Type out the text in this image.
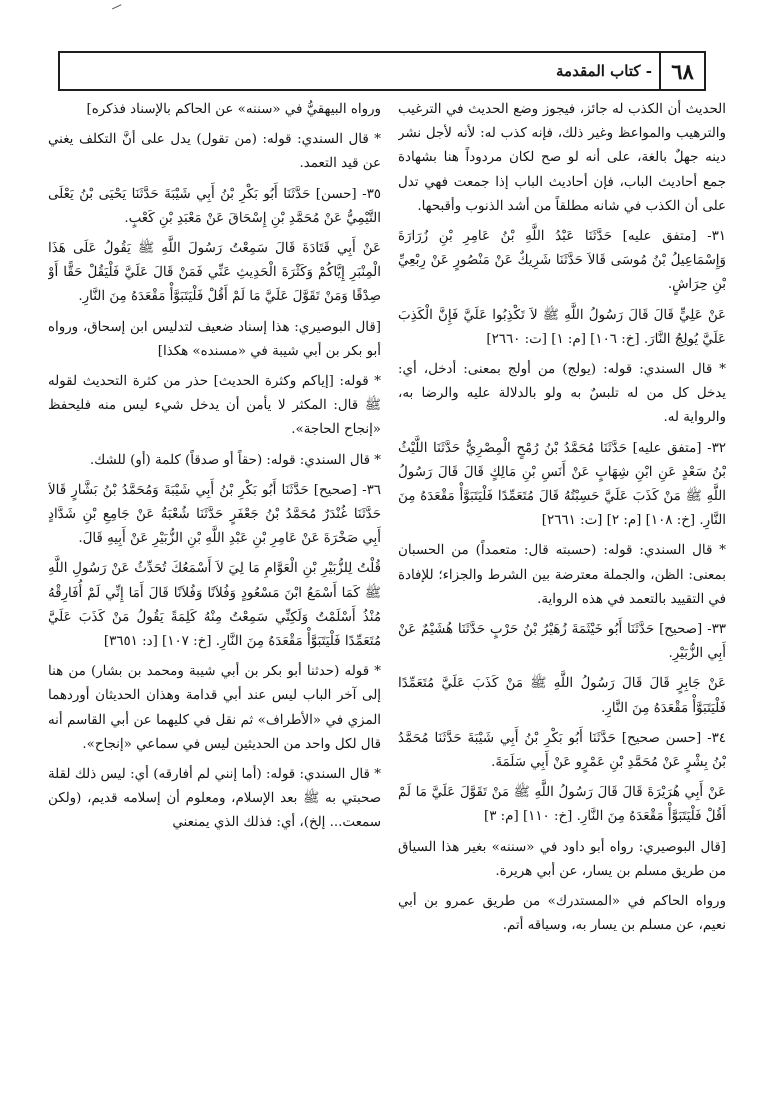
٦٨
- كتاب المقدمة

الحديث أن الكذب له جائز، فيجوز وضع الحديث في الترغيب والترهيب والمواعظ وغير ذلك، فإنه كذب له: لأنه لأجل نشر دينه جهلٌ بالغة، على أنه لو صح لكان مردوداً هنا بشهادة جمع أحاديث الباب، فإن أحاديث الباب إذا جمعت فهي تدل على أن الكذب في شانه مطلقاً من أشد الذنوب وأقبحها.

٣١- [متفق عليه] حَدَّثَنَا عَبْدُ اللَّهِ بْنُ عَامِرِ بْنِ زُرَارَةَ وَإِسْمَاعِيلُ بْنُ مُوسَى قَالاَ حَدَّثَنَا شَرِيكٌ عَنْ مَنْصُورٍ عَنْ رِبْعِيِّ بْنِ حِرَاشٍ.

عَنْ عَلِيٍّ قَالَ قَالَ رَسُولُ اللَّهِ ﷺ لاَ تَكْذِبُوا عَلَيَّ فَإِنَّ الْكَذِبَ عَلَيَّ يُولِجُ النَّارَ. [خ: ١٠٦] [م: ١] [ت: ٢٦٦٠]

* قال السندي: قوله: (يولج) من أولج بمعنى: أدخل، أي: يدخل كل من له تلبسٌ به ولو بالدلالة عليه والرضا به، والرواية له.

٣٢- [متفق عليه] حَدَّثَنَا مُحَمَّدُ بْنُ رُمْحٍ الْمِصْرِيُّ حَدَّثَنَا اللَّيْثُ بْنُ سَعْدٍ عَنِ ابْنِ شِهَابٍ عَنْ أَنَسِ بْنِ مَالِكٍ قَالَ قَالَ رَسُولُ اللَّهِ ﷺ مَنْ كَذَبَ عَلَيَّ حَسِبْتُهُ قَالَ مُتَعَمِّدًا فَلْيَتَبَوَّأْ مَقْعَدَهُ مِنَ النَّارِ. [خ: ١٠٨] [م: ٢] [ت: ٢٦٦١]

* قال السندي: قوله: (حسبته قال: متعمداً) من الحسبان بمعنى: الظن، والجملة معترضة بين الشرط والجزاء؛ للإفادة في التقييد بالتعمد في هذه الرواية.

٣٣- [صحيح] حَدَّثَنَا أَبُو خَيْثَمَةَ زُهَيْرُ بْنُ حَرْبٍ حَدَّثَنَا هُشَيْمٌ عَنْ أَبِي الزُّبَيْرِ.

عَنْ جَابِرٍ قَالَ قَالَ رَسُولُ اللَّهِ ﷺ مَنْ كَذَبَ عَلَيَّ مُتَعَمِّدًا فَلْيَتَبَوَّأْ مَقْعَدَهُ مِنَ النَّارِ.

٣٤- [حسن صحيح] حَدَّثَنَا أَبُو بَكْرِ بْنُ أَبِي شَيْبَةَ حَدَّثَنَا مُحَمَّدُ بْنُ بِشْرٍ عَنْ مُحَمَّدِ بْنِ عَمْرٍو عَنْ أَبِي سَلَمَةَ.

عَنْ أَبِي هُرَيْرَةَ قَالَ قَالَ رَسُولُ اللَّهِ ﷺ مَنْ تَقَوَّلَ عَلَيَّ مَا لَمْ أَقُلْ فَلْيَتَبَوَّأْ مَقْعَدَهُ مِنَ النَّارِ. [خ: ١١٠] [م: ٣]

[قال البوصيري: رواه أبو داود في «سننه» بغير هذا السياق من طريق مسلم بن يسار، عن أبي هريرة.

ورواه الحاكم في «المستدرك» من طريق عمرو بن أبي نعيم، عن مسلم بن يسار به، وسياقه أتم.

ورواه البيهقيُّ في «سننه» عن الحاكم بالإسناد فذكره]

* قال السندي: قوله: (من تقول) يدل على أنَّ التكلف يغني عن قيد التعمد.

٣٥- [حسن] حَدَّثَنَا أَبُو بَكْرِ بْنُ أَبِي شَيْبَةَ حَدَّثَنَا يَحْيَى بْنُ يَعْلَى التَّيْمِيُّ عَنْ مُحَمَّدِ بْنِ إِسْحَاقَ عَنْ مَعْبَدِ بْنِ كَعْبٍ.

عَنْ أَبِي قَتَادَةَ قَالَ سَمِعْتُ رَسُولَ اللَّهِ ﷺ يَقُولُ عَلَى هَذَا الْمِنْبَرِ إِيَّاكُمْ وَكَثْرَةَ الْحَدِيثِ عَنِّي فَمَنْ قَالَ عَلَيَّ فَلْيَقُلْ حَقًّا أَوْ صِدْقًا وَمَنْ تَقَوَّلَ عَلَيَّ مَا لَمْ أَقُلْ فَلْيَتَبَوَّأْ مَقْعَدَهُ مِنَ النَّارِ.

[قال البوصيري: هذا إسناد ضعيف لتدليس ابن إسحاق، ورواه أبو بكر بن أبي شيبة في «مسنده» هكذا]

* قوله: [إياكم وكثرة الحديث] حذر من كثرة التحديث لقوله ﷺ قال: المكثر لا يأمن أن يدخل شيء ليس منه فليحفظ «إنجاح الحاجة».

* قال السندي: قوله: (حقاً أو صدقاً) كلمة (أو) للشك.

٣٦- [صحيح] حَدَّثَنَا أَبُو بَكْرِ بْنُ أَبِي شَيْبَةَ وَمُحَمَّدُ بْنُ بَشَّارٍ قَالاَ حَدَّثَنَا غُنْدَرٌ مُحَمَّدُ بْنُ جَعْفَرٍ حَدَّثَنَا شُعْبَةُ عَنْ جَامِعِ بْنِ شَدَّادٍ أَبِي صَخْرَةَ عَنْ عَامِرِ بْنِ عَبْدِ اللَّهِ بْنِ الزُّبَيْرِ عَنْ أَبِيهِ قَالَ.

قُلْتُ لِلزُّبَيْرِ بْنِ الْعَوَّامِ مَا لِيَ لاَ أَسْمَعُكَ تُحَدِّثُ عَنْ رَسُولِ اللَّهِ ﷺ كَمَا أَسْمَعُ ابْنَ مَسْعُودٍ وَفُلاَنًا وَفُلاَنًا قَالَ أَمَا إِنِّي لَمْ أُفَارِقْهُ مُنْذُ أَسْلَمْتُ وَلَكِنِّي سَمِعْتُ مِنْهُ كَلِمَةً يَقُولُ مَنْ كَذَبَ عَلَيَّ مُتَعَمِّدًا فَلْيَتَبَوَّأْ مَقْعَدَهُ مِنَ النَّارِ. [خ: ١٠٧] [د: ٣٦٥١]

* قوله (حدثنا أبو بكر بن أبي شيبة ومحمد بن بشار) من هنا إلى آخر الباب ليس عند أبي قدامة وهذان الحديثان أوردهما المزي في «الأطراف» ثم نقل في كليهما عن أبي القاسم أنه قال لكل واحد من الحديثين ليس في سماعي «إنجاح».

* قال السندي: قوله: (أما إنني لم أفارقه) أي: ليس ذلك لقلة صحبتي به ﷺ بعد الإسلام، ومعلوم أن إسلامه قديم، (ولكن سمعت... إلخ)، أي: فذلك الذي يمنعني
